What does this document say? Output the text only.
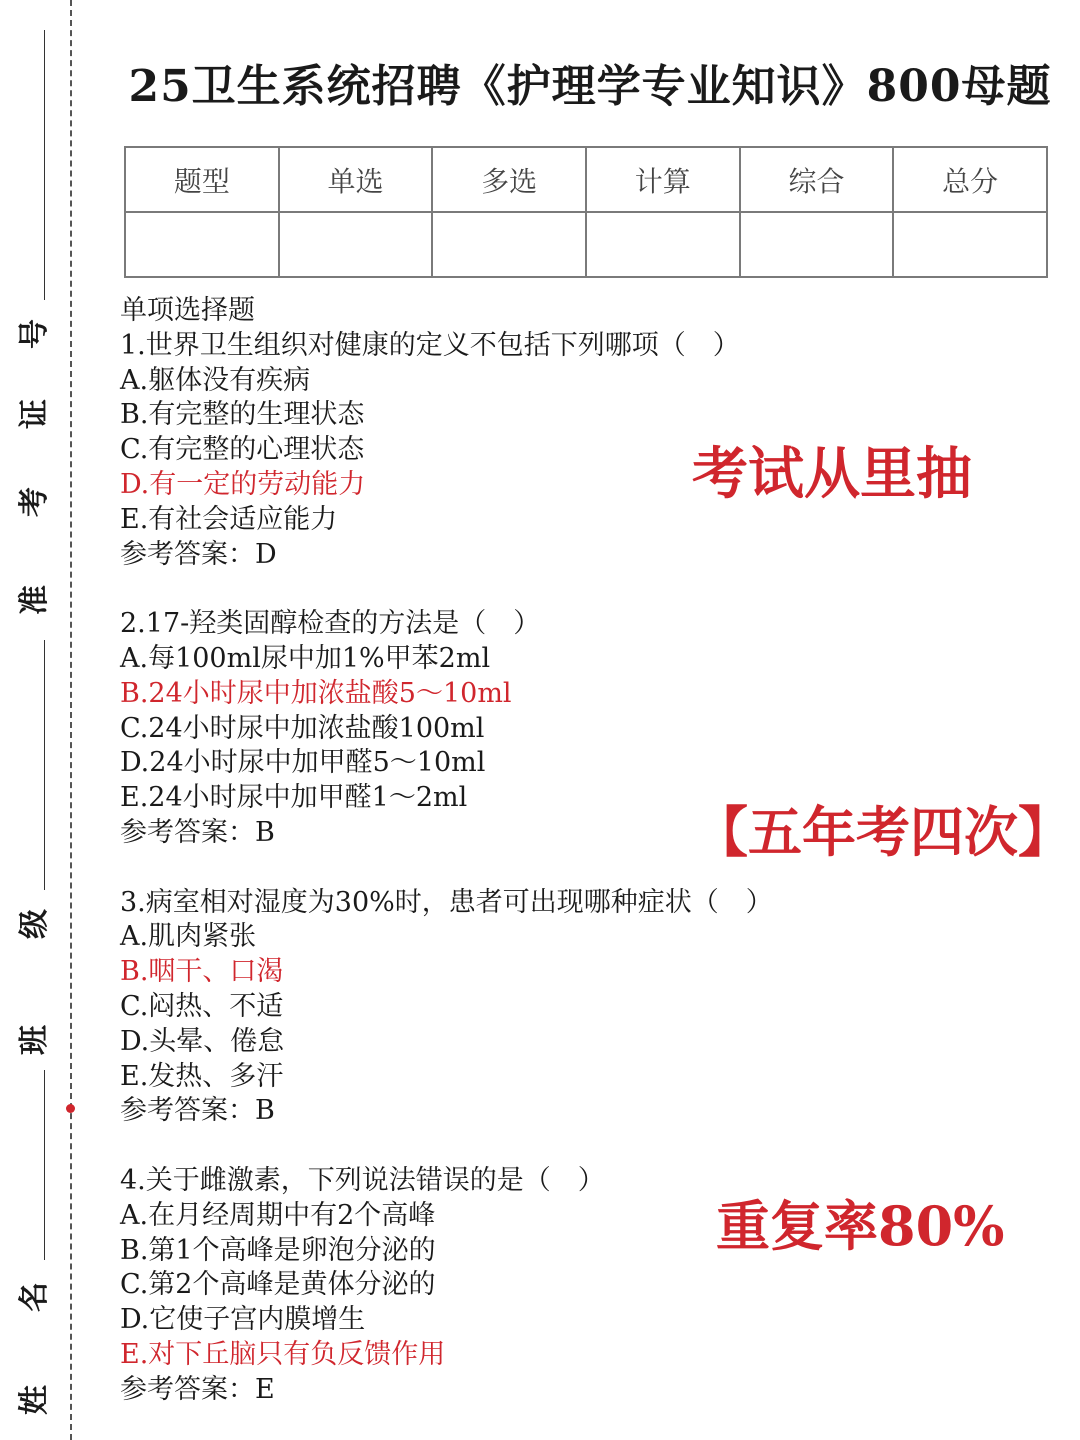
号
证
考
准
级
班
名
姓
25卫生系统招聘《护理学专业知识》800母题
题型	单选	多选	计算	综合	总分

单项选择题
1.世界卫生组织对健康的定义不包括下列哪项（　）
A.躯体没有疾病
B.有完整的生理状态
C.有完整的心理状态
D.有一定的劳动能力
E.有社会适应能力
参考答案：D
2.17-羟类固醇检查的方法是（　）
A.每100ml尿中加1%甲苯2ml
B.24小时尿中加浓盐酸5～10ml
C.24小时尿中加浓盐酸100ml
D.24小时尿中加甲醛5～10ml
E.24小时尿中加甲醛1～2ml
参考答案：B
3.病室相对湿度为30%时，患者可出现哪种症状（　）
A.肌肉紧张
B.咽干、口渴
C.闷热、不适
D.头晕、倦怠
E.发热、多汗
参考答案：B
4.关于雌激素，下列说法错误的是（　）
A.在月经周期中有2个高峰
B.第1个高峰是卵泡分泌的
C.第2个高峰是黄体分泌的
D.它使子宫内膜增生
E.对下丘脑只有负反馈作用
参考答案：E
考试从里抽
【五年考四次】
重复率80%
